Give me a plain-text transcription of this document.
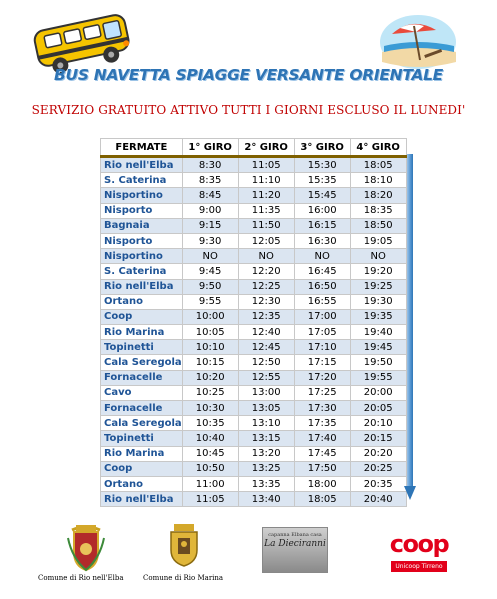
BUS NAVETTA SPIAGGE VERSANTE ORIENTALE
SERVIZIO GRATUITO ATTIVO TUTTI I GIORNI ESCLUSO IL LUNEDI'
FERMATE	1° GIRO	2° GIRO	3° GIRO	4° GIRO	
Rio nell'Elba	8:30	11:05	15:30	18:05	
S. Caterina	8:35	11:10	15:35	18:10	
Nisportino	8:45	11:20	15:45	18:20	
Nisporto	9:00	11:35	16:00	18:35	
Bagnaia	9:15	11:50	16:15	18:50	
Nisporto	9:30	12:05	16:30	19:05	
Nisportino	NO	NO	NO	NO	
S. Caterina	9:45	12:20	16:45	19:20	
Rio nell'Elba	9:50	12:25	16:50	19:25	
Ortano	9:55	12:30	16:55	19:30	
Coop	10:00	12:35	17:00	19:35	
Rio Marina	10:05	12:40	17:05	19:40	
Topinetti	10:10	12:45	17:10	19:45	
Cala Seregola	10:15	12:50	17:15	19:50	
Fornacelle	10:20	12:55	17:20	19:55	
Cavo	10:25	13:00	17:25	20:00	
Fornacelle	10:30	13:05	17:30	20:05	
Cala Seregola	10:35	13:10	17:35	20:10	
Topinetti	10:40	13:15	17:40	20:15	
Rio Marina	10:45	13:20	17:45	20:20	
Coop	10:50	13:25	17:50	20:25	
Ortano	11:00	13:35	18:00	20:35	
Rio nell'Elba	11:05	13:40	18:05	20:40	
Comune di Rio nell'Elba	Comune di Rio Marina
capanna Elbana casa
La Dieciranni	coop
Unicoop Tirreno
